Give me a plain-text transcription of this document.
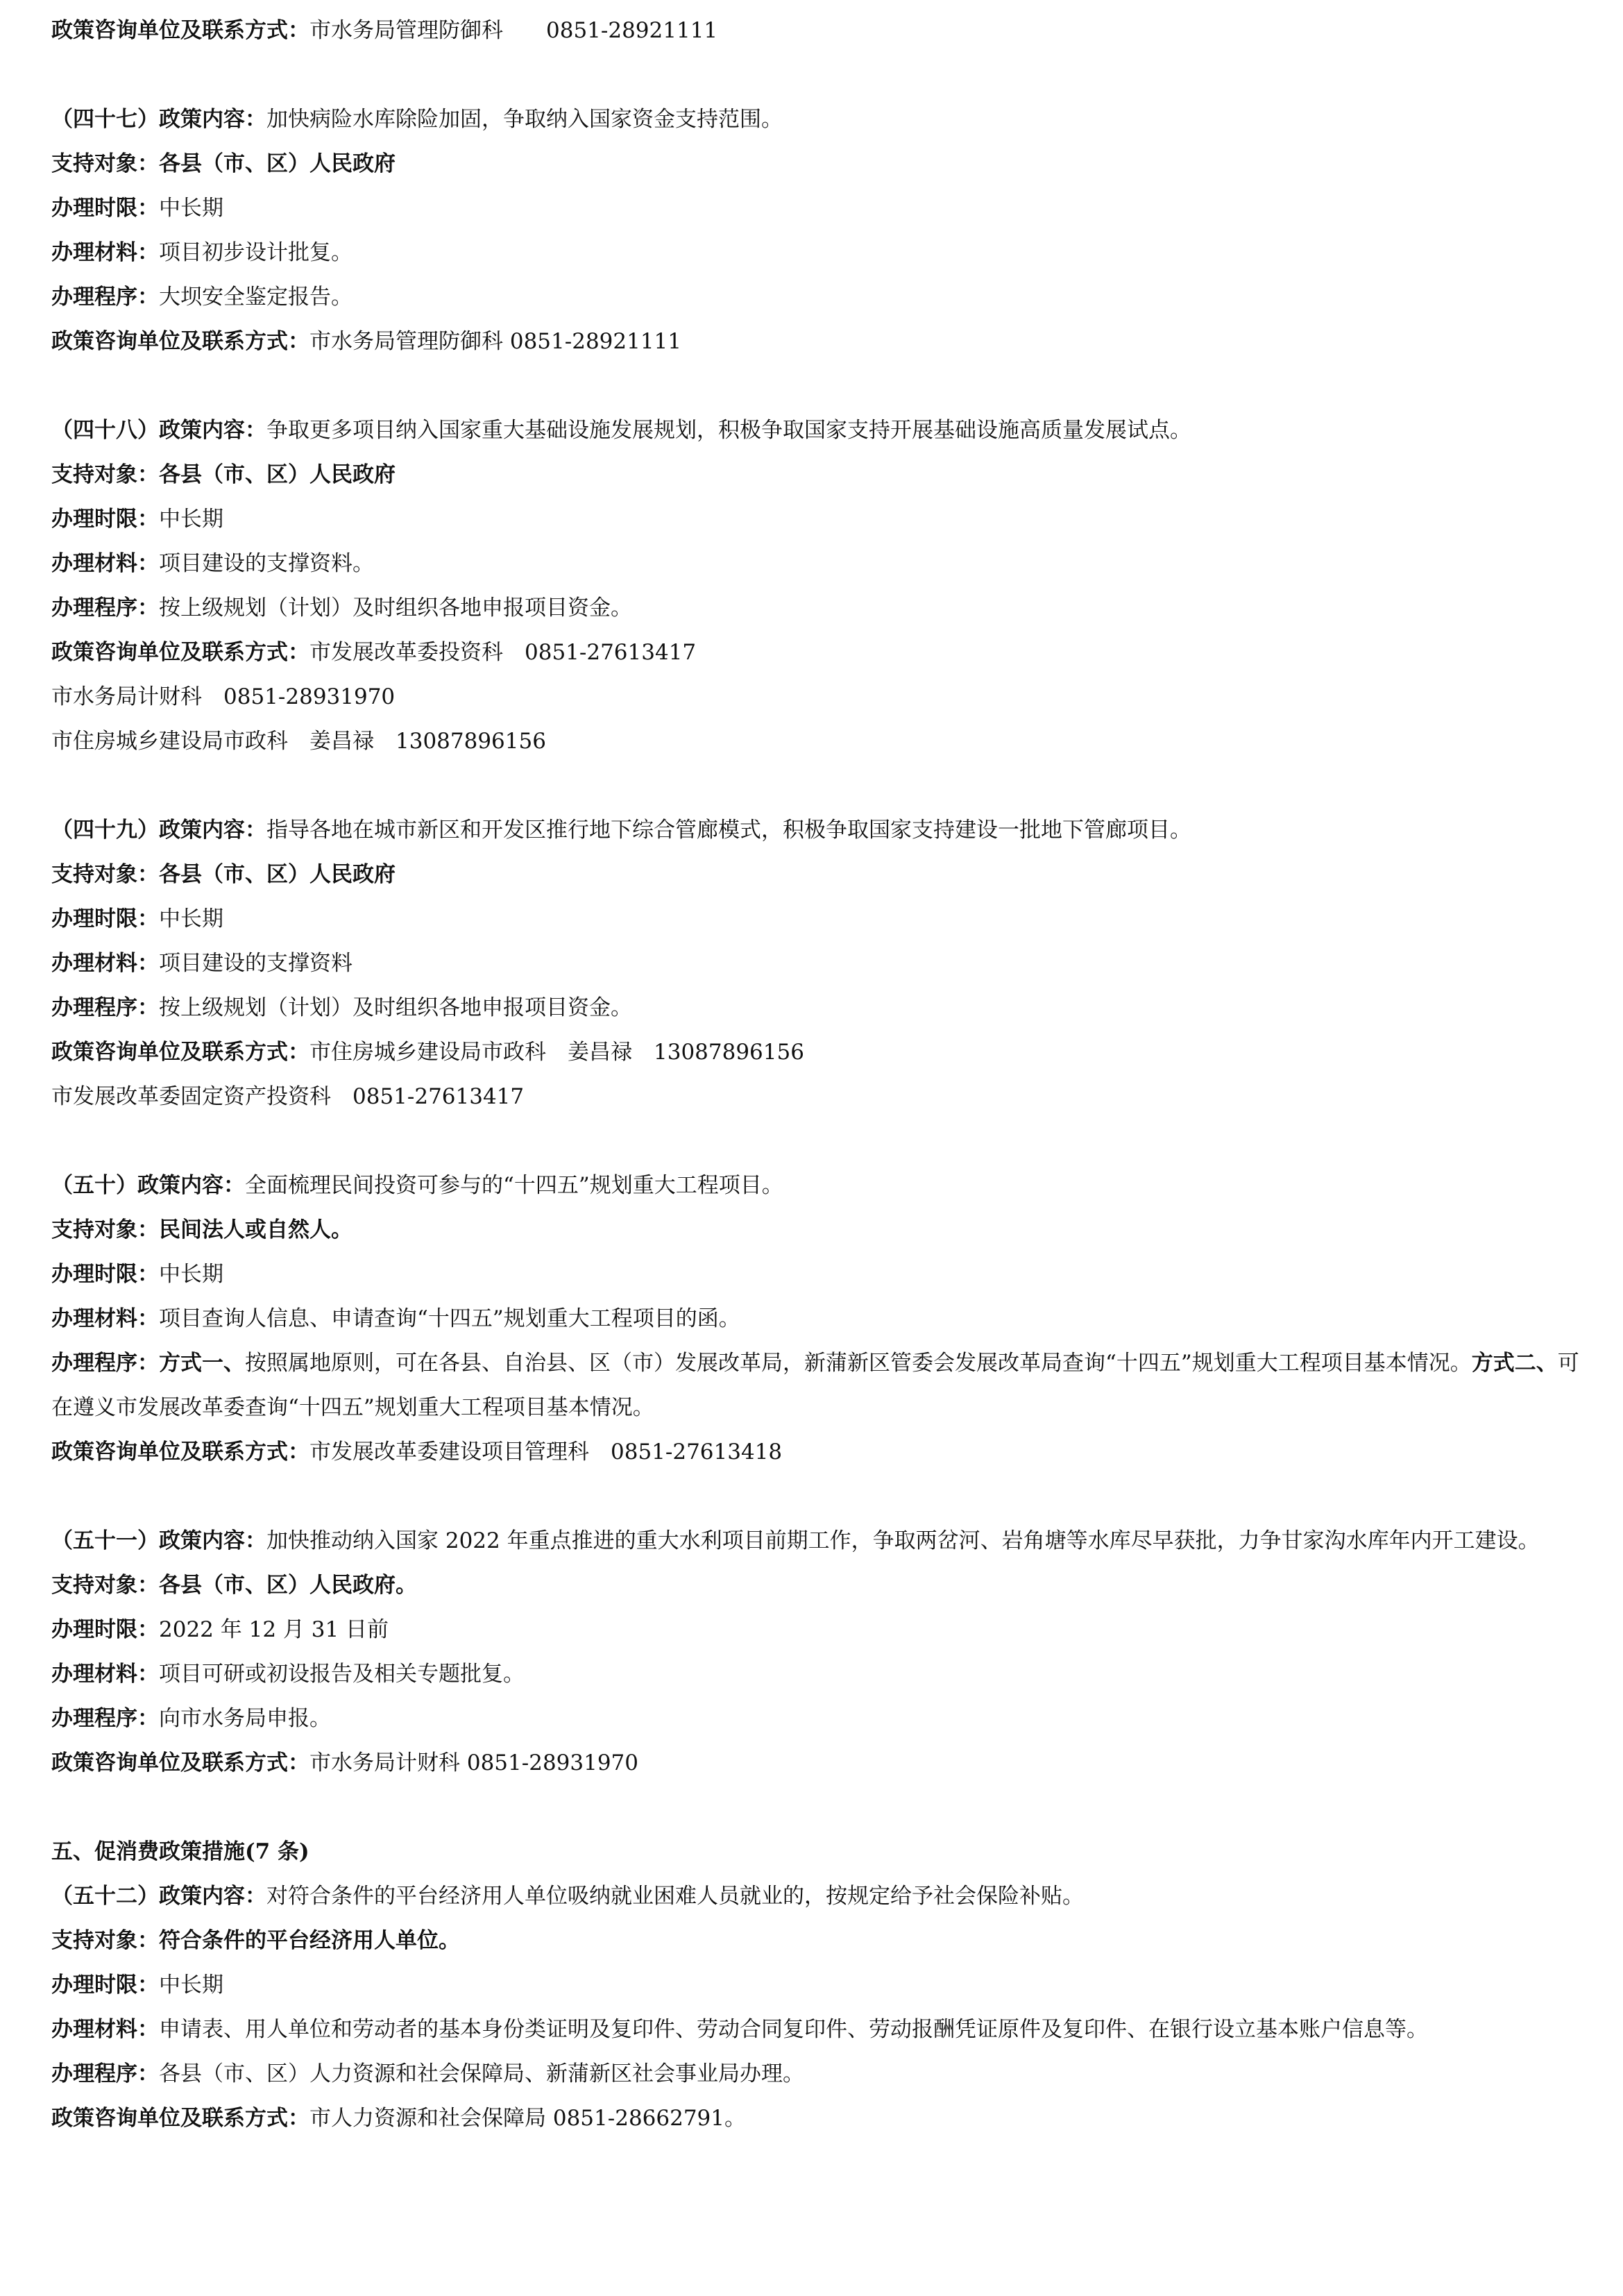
政策咨询单位及联系方式：市水务局管理防御科　　0851-28921111
（四十七）政策内容：加快病险水库除险加固，争取纳入国家资金支持范围。
支持对象：各县（市、区）人民政府
办理时限：中长期
办理材料：项目初步设计批复。
办理程序：大坝安全鉴定报告。
政策咨询单位及联系方式：市水务局管理防御科 0851-28921111
（四十八）政策内容：争取更多项目纳入国家重大基础设施发展规划，积极争取国家支持开展基础设施高质量发展试点。
支持对象：各县（市、区）人民政府
办理时限：中长期
办理材料：项目建设的支撑资料。
办理程序：按上级规划（计划）及时组织各地申报项目资金。
政策咨询单位及联系方式：市发展改革委投资科　0851-27613417
市水务局计财科　0851-28931970
市住房城乡建设局市政科　姜昌禄　13087896156
（四十九）政策内容：指导各地在城市新区和开发区推行地下综合管廊模式，积极争取国家支持建设一批地下管廊项目。
支持对象：各县（市、区）人民政府
办理时限：中长期
办理材料：项目建设的支撑资料
办理程序：按上级规划（计划）及时组织各地申报项目资金。
政策咨询单位及联系方式：市住房城乡建设局市政科　姜昌禄　13087896156
市发展改革委固定资产投资科　0851-27613417
（五十）政策内容：全面梳理民间投资可参与的“十四五”规划重大工程项目。
支持对象：民间法人或自然人。
办理时限：中长期
办理材料：项目查询人信息、申请查询“十四五”规划重大工程项目的函。
办理程序：方式一、按照属地原则，可在各县、自治县、区（市）发展改革局，新蒲新区管委会发展改革局查询“十四五”规划重大工程项目基本情况。方式二、可在遵义市发展改革委查询“十四五”规划重大工程项目基本情况。
政策咨询单位及联系方式：市发展改革委建设项目管理科　0851-27613418
（五十一）政策内容：加快推动纳入国家 2022 年重点推进的重大水利项目前期工作，争取两岔河、岩角塘等水库尽早获批，力争甘家沟水库年内开工建设。
支持对象：各县（市、区）人民政府。
办理时限：2022 年 12 月 31 日前
办理材料：项目可研或初设报告及相关专题批复。
办理程序：向市水务局申报。
政策咨询单位及联系方式：市水务局计财科 0851-28931970
五、促消费政策措施(7 条)
（五十二）政策内容：对符合条件的平台经济用人单位吸纳就业困难人员就业的，按规定给予社会保险补贴。
支持对象：符合条件的平台经济用人单位。
办理时限：中长期
办理材料：申请表、用人单位和劳动者的基本身份类证明及复印件、劳动合同复印件、劳动报酬凭证原件及复印件、在银行设立基本账户信息等。
办理程序：各县（市、区）人力资源和社会保障局、新蒲新区社会事业局办理。
政策咨询单位及联系方式：市人力资源和社会保障局 0851-28662791。
